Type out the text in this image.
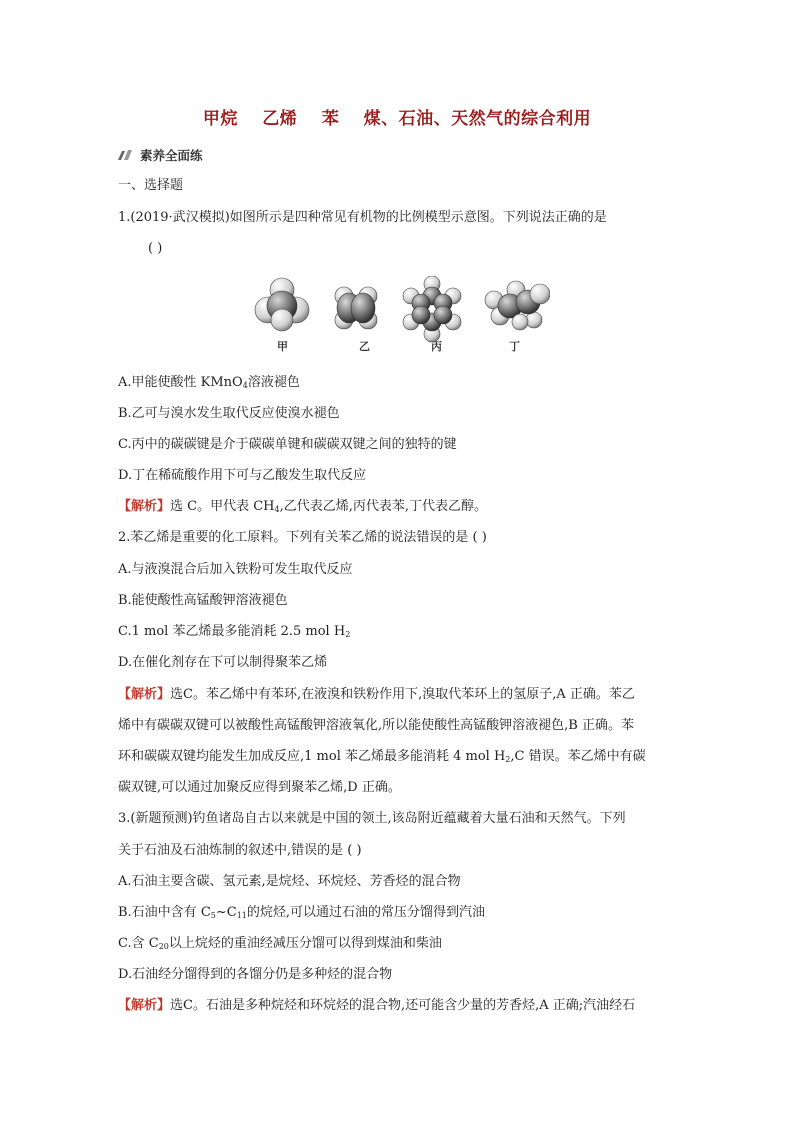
甲烷 乙烯 苯 煤、石油、天然气的综合利用
素养全面练
一、选择题
1.(2019·武汉模拟)如图所示是四种常见有机物的比例模型示意图。下列说法正确的是
( )
甲	乙	丙	丁
A.甲能使酸性 KMnO$_4$溶液褪色
B.乙可与溴水发生取代反应使溴水褪色
C.丙中的碳碳键是介于碳碳单键和碳碳双键之间的独特的键
D.丁在稀硫酸作用下可与乙酸发生取代反应
【解析】选 C。甲代表 $CH_4$,乙代表乙烯,丙代表苯,丁代表乙醇。
2.苯乙烯是重要的化工原料。下列有关苯乙烯的说法错误的是 ( )
A.与液溴混合后加入铁粉可发生取代反应
B.能使酸性高锰酸钾溶液褪色
C.1 mol 苯乙烯最多能消耗 2.5 mol $H_2$
D.在催化剂存在下可以制得聚苯乙烯
【解析】选C。苯乙烯中有苯环,在液溴和铁粉作用下,溴取代苯环上的氢原子,A 正确。苯乙
烯中有碳碳双键可以被酸性高锰酸钾溶液氧化,所以能使酸性高锰酸钾溶液褪色,B 正确。苯
环和碳碳双键均能发生加成反应,1 mol 苯乙烯最多能消耗 4 mol $H_2,C$ 错误。苯乙烯中有碳
碳双键,可以通过加聚反应得到聚苯乙烯,D 正确。
3.(新题预测)钓鱼诸岛自古以来就是中国的领土,该岛附近蕴藏着大量石油和天然气。下列
关于石油及石油炼制的叙述中,错误的是 ( )
A.石油主要含碳、氢元素,是烷烃、环烷烃、芳香烃的混合物
B.石油中含有 $C_5\sim C_{11}$的烷烃,可以通过石油的常压分馏得到汽油
C.含 $C_{20}$以上烷烃的重油经减压分馏可以得到煤油和柴油
D.石油经分馏得到的各馏分仍是多种烃的混合物
【解析】选C。石油是多种烷烃和环烷烃的混合物,还可能含少量的芳香烃,A 正确;汽油经石
